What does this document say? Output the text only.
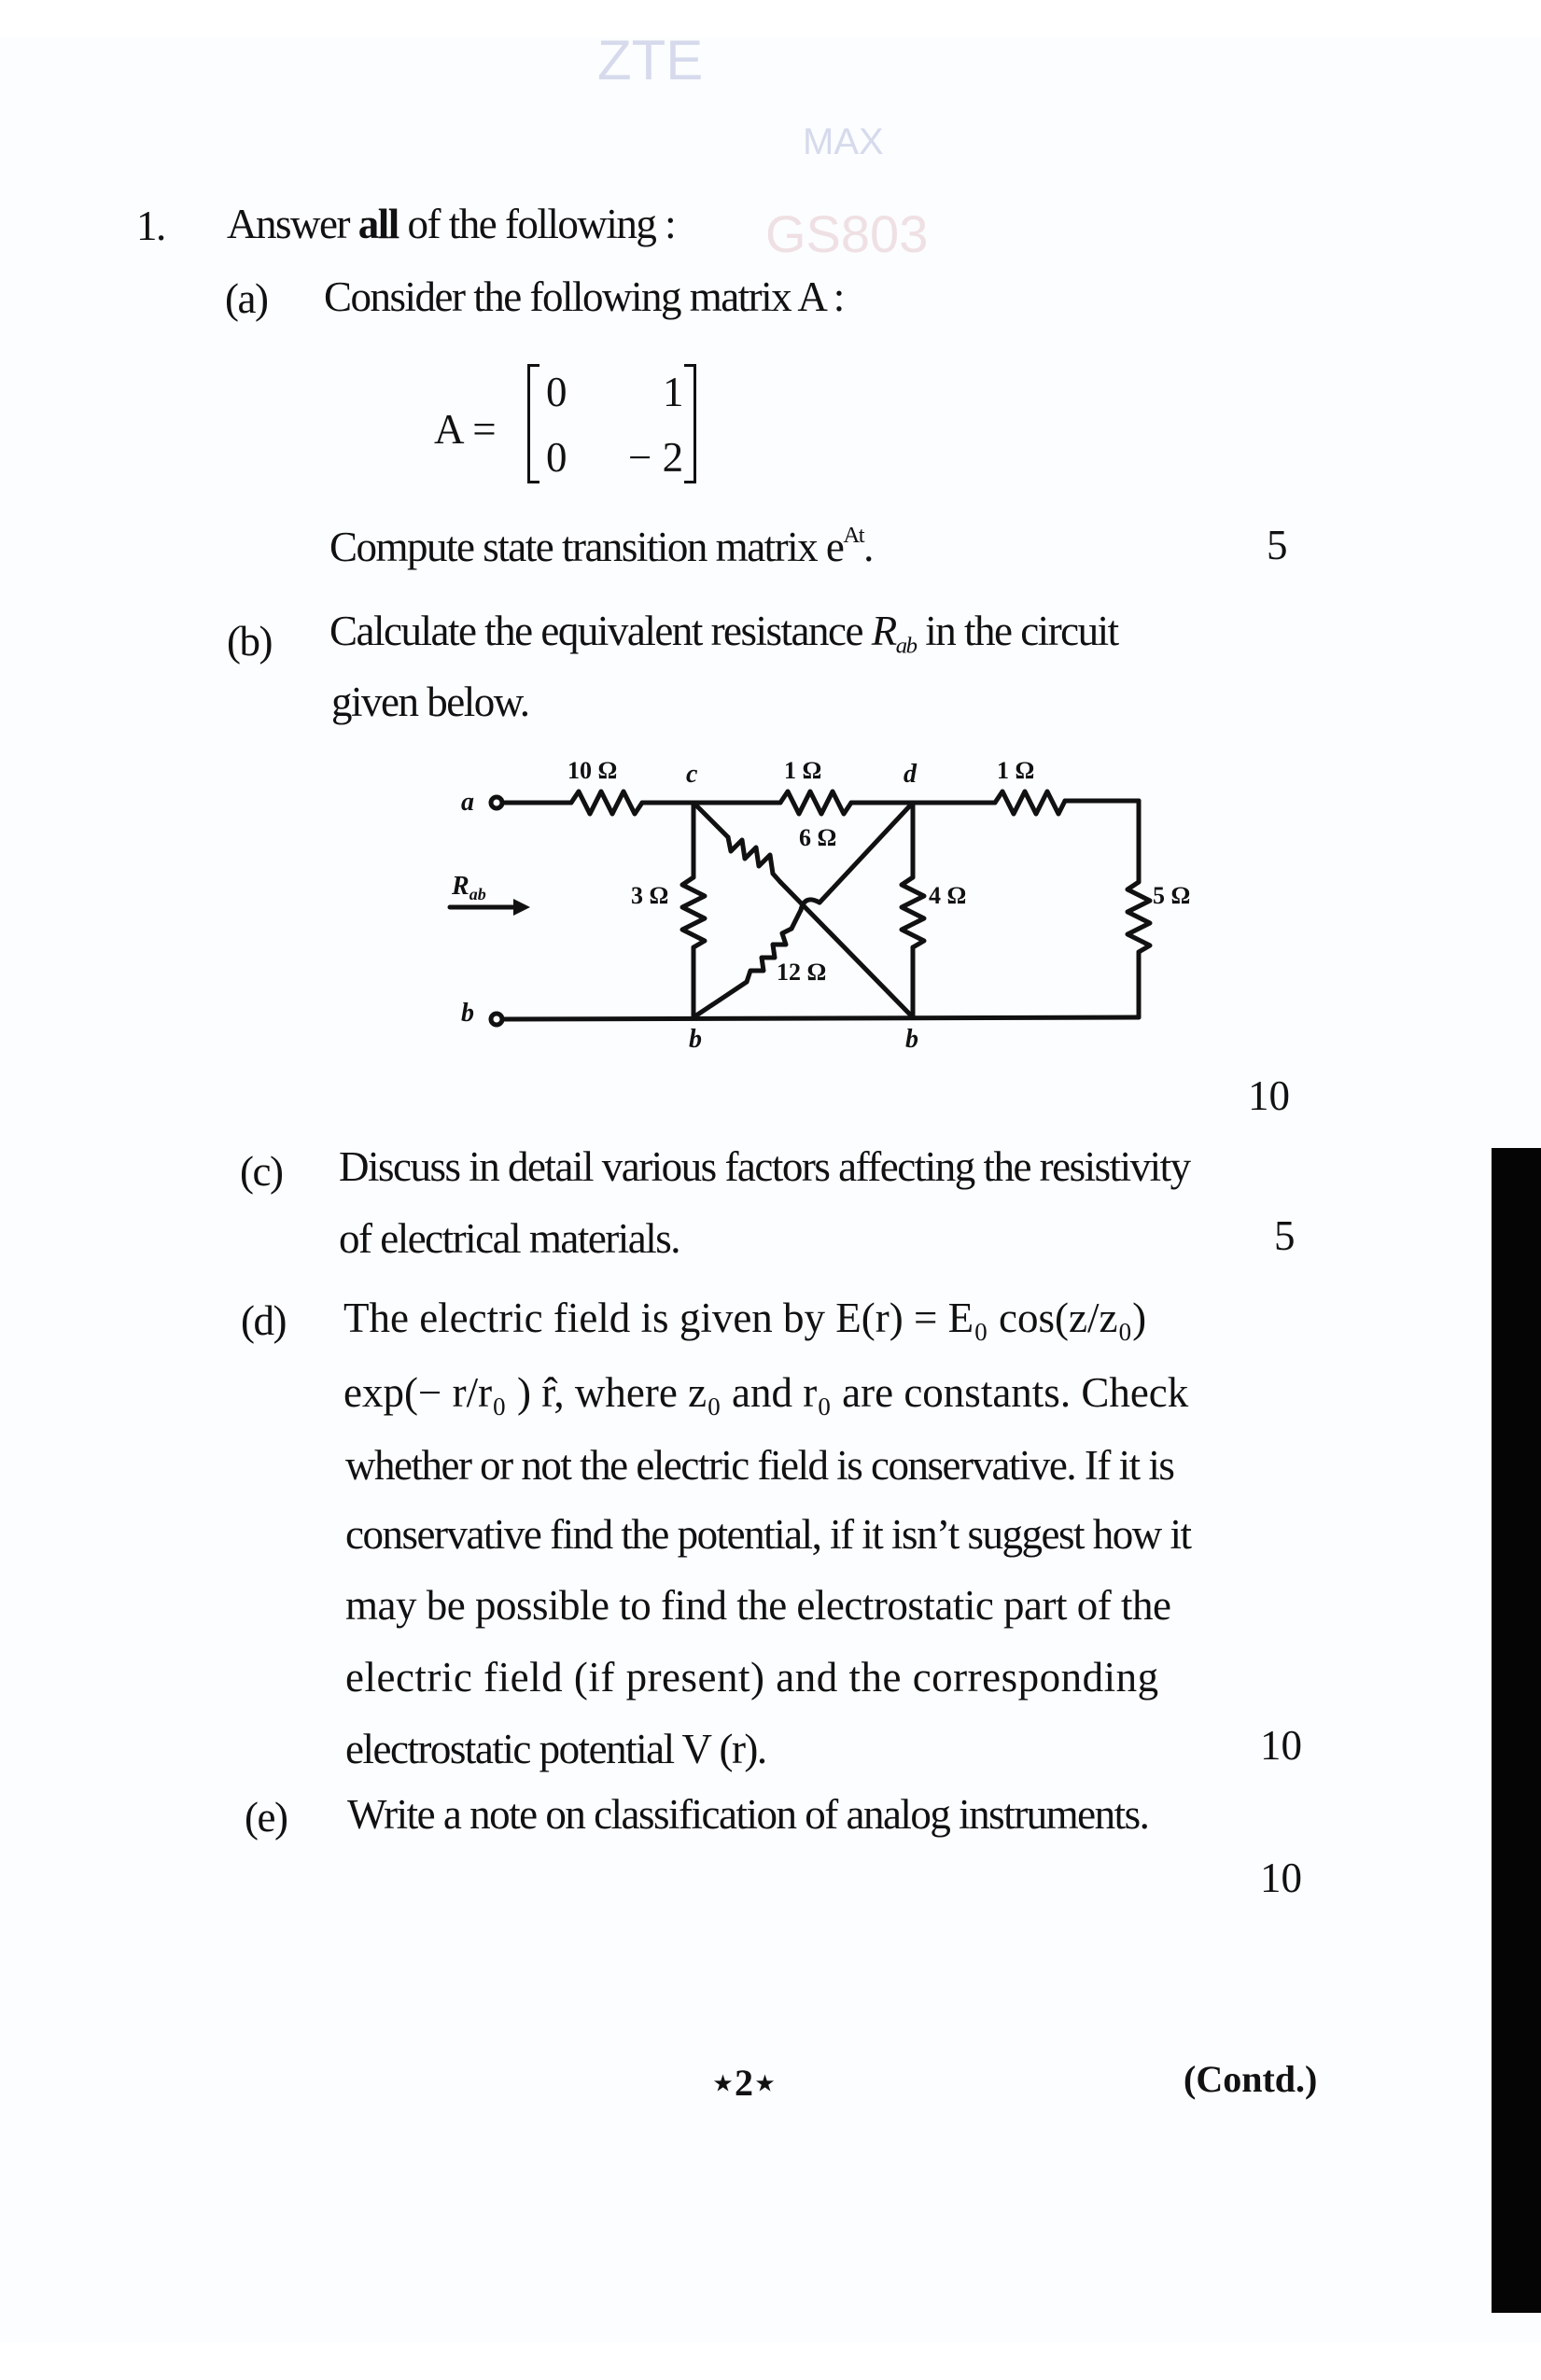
ZTE
MAX
GS803
1. Answer all of the following :
(a) Consider the following matrix A :
A =
0 1
0 − 2
Compute state transition matrix $e^{At}$.	5
(b) Calculate the equivalent resistance $R_{ab}$ in the circuit
given below.
a
b
c	d
b	b
$R_{ab}$
10 Ω	1 Ω	1 Ω
3 Ω	4 Ω	5 Ω
6 Ω
12 Ω
10
(c) Discuss in detail various factors affecting the resistivity
of electrical materials.	5
(d) The electric field is given by E(r) = E₀ cos(z/z₀)
exp(− r/r₀ ) r̂, where z₀ and r₀ are constants. Check
whether or not the electric field is conservative. If it is
conservative find the potential, if it isn’t suggest how it
may be possible to find the electrostatic part of the
electric field (if present) and the corresponding
electrostatic potential V (r).	10
(e) Write a note on classification of analog instruments.
10
⋆2⋆	(Contd.)
